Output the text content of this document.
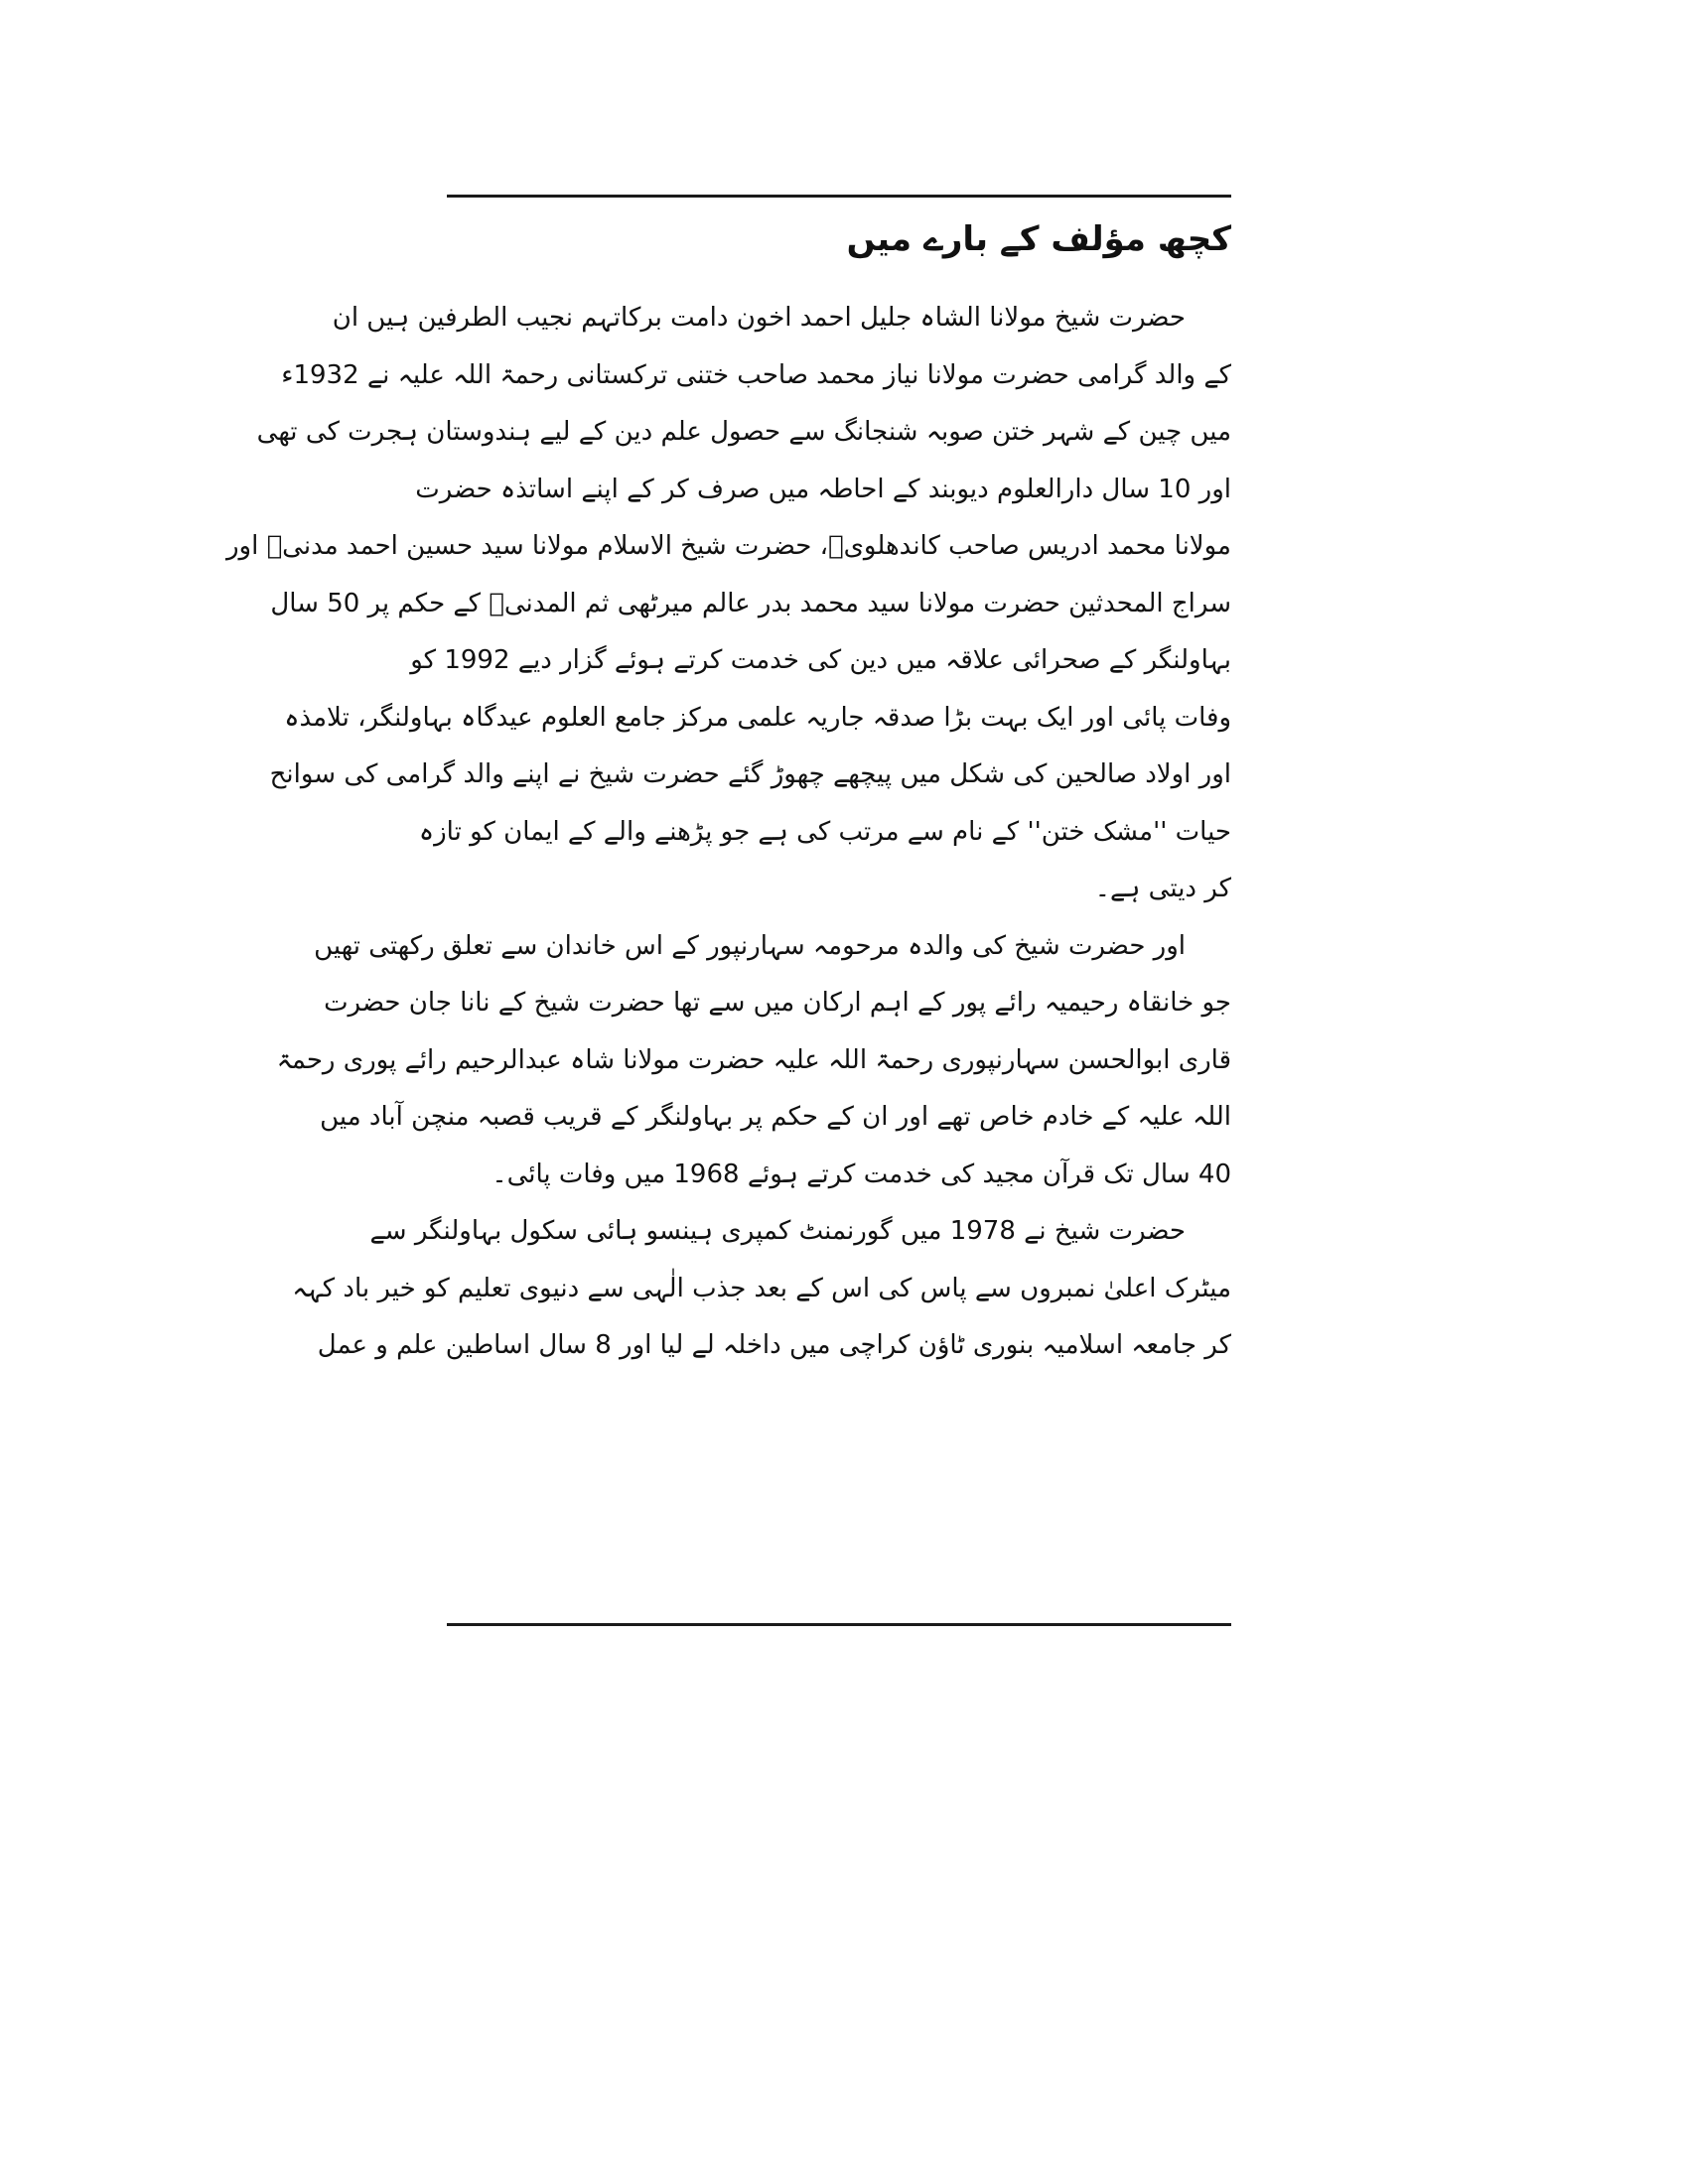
کچھ مؤلف کے بارے میں
حضرت شیخ مولانا الشاہ جلیل احمد اخون دامت برکاتہم نجیب الطرفین ہیں ان
کے والد گرامی حضرت مولانا نیاز محمد صاحب ختنی ترکستانی رحمۃ اللہ علیہ نے 1932ء
میں چین کے شہر ختن صوبہ شنجانگ سے حصول علم دین کے لیے ہندوستان ہجرت کی تھی
اور 10 سال دارالعلوم دیوبند کے احاطہ میں صرف کر کے اپنے اساتذہ حضرت
مولانا محمد ادریس صاحب کاندھلویؒ، حضرت شیخ الاسلام مولانا سید حسین احمد مدنیؒ اور
سراج المحدثین حضرت مولانا سید محمد بدر عالم میرٹھی ثم المدنیؒ کے حکم پر 50 سال
بہاولنگر کے صحرائی علاقہ میں دین کی خدمت کرتے ہوئے گزار دیے 1992 کو
وفات پائی اور ایک بہت بڑا صدقہ جاریہ علمی مرکز جامع العلوم عیدگاہ بہاولنگر، تلامذہ
اور اولاد صالحین کی شکل میں پیچھے چھوڑ گئے حضرت شیخ نے اپنے والد گرامی کی سوانح
حیات ''مشک ختن'' کے نام سے مرتب کی ہے جو پڑھنے والے کے ایمان کو تازہ
کر دیتی ہے۔
اور حضرت شیخ کی والدہ مرحومہ سہارنپور کے اس خاندان سے تعلق رکھتی تھیں
جو خانقاہ رحیمیہ رائے پور کے اہم ارکان میں سے تھا حضرت شیخ کے نانا جان حضرت
قاری ابوالحسن سہارنپوری رحمۃ اللہ علیہ حضرت مولانا شاہ عبدالرحیم رائے پوری رحمۃ
اللہ علیہ کے خادم خاص تھے اور ان کے حکم پر بہاولنگر کے قریب قصبہ منچن آباد میں
40 سال تک قرآن مجید کی خدمت کرتے ہوئے 1968 میں وفات پائی۔
حضرت شیخ نے 1978 میں گورنمنٹ کمپری ہینسو ہائی سکول بہاولنگر سے
میٹرک اعلیٰ نمبروں سے پاس کی اس کے بعد جذب الٰہی سے دنیوی تعلیم کو خیر باد کہہ
کر جامعہ اسلامیہ بنوری ٹاؤن کراچی میں داخلہ لے لیا اور 8 سال اساطین علم و عمل
